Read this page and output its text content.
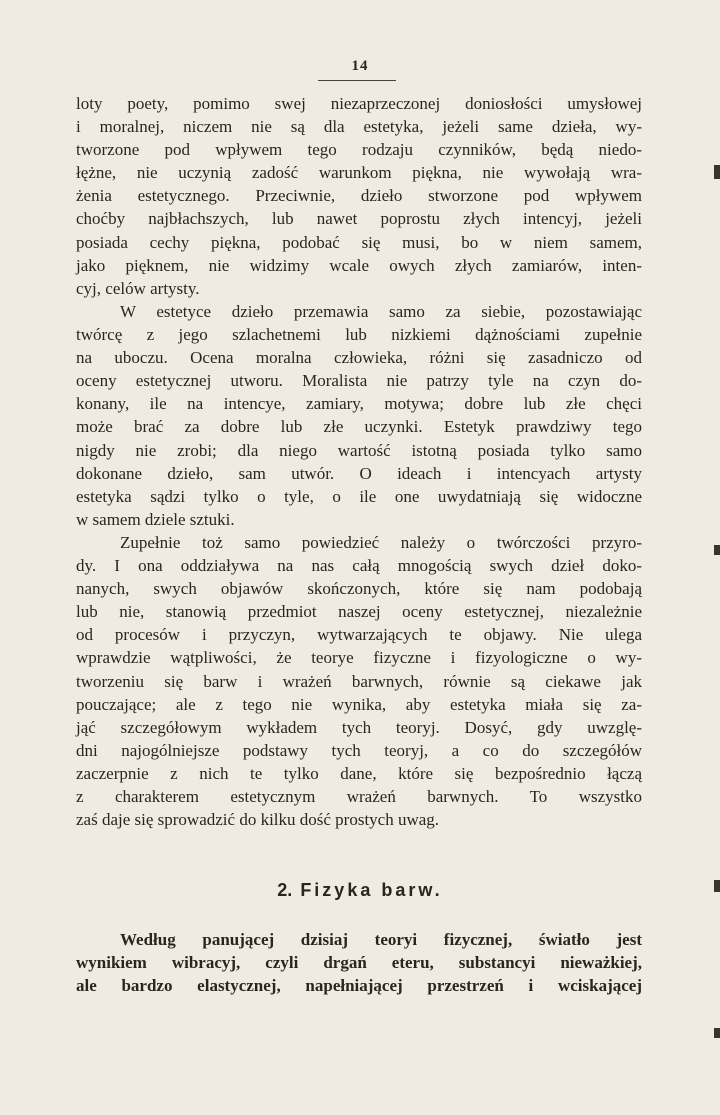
14
loty poety, pomimo swej niezaprzeczonej doniosłości umysłowej
i moralnej, niczem nie są dla estetyka, jeżeli same dzieła, wy-
tworzone pod wpływem tego rodzaju czynników, będą niedo-
łężne, nie uczynią zadość warunkom piękna, nie wywołają wra-
żenia estetycznego. Przeciwnie, dzieło stworzone pod wpływem
choćby najbłachszych, lub nawet poprostu złych intencyj, jeżeli
posiada cechy piękna, podobać się musi, bo w niem samem,
jako pięknem, nie widzimy wcale owych złych zamiarów, inten-
cyj, celów artysty.
W estetyce dzieło przemawia samo za siebie, pozostawiając
twórcę z jego szlachetnemi lub nizkiemi dążnościami zupełnie
na uboczu. Ocena moralna człowieka, różni się zasadniczo od
oceny estetycznej utworu. Moralista nie patrzy tyle na czyn do-
konany, ile na intencye, zamiary, motywa; dobre lub złe chęci
może brać za dobre lub złe uczynki. Estetyk prawdziwy tego
nigdy nie zrobi; dla niego wartość istotną posiada tylko samo
dokonane dzieło, sam utwór. O ideach i intencyach artysty
estetyka sądzi tylko o tyle, o ile one uwydatniają się widoczne
w samem dziele sztuki.
Zupełnie toż samo powiedzieć należy o twórczości przyro-
dy. I ona oddziaływa na nas całą mnogością swych dzieł doko-
nanych, swych objawów skończonych, które się nam podobają
lub nie, stanowią przedmiot naszej oceny estetycznej, niezależnie
od procesów i przyczyn, wytwarzających te objawy. Nie ulega
wprawdzie wątpliwości, że teorye fizyczne i fizyologiczne o wy-
tworzeniu się barw i wrażeń barwnych, równie są ciekawe jak
pouczające; ale z tego nie wynika, aby estetyka miała się za-
jąć szczegółowym wykładem tych teoryj. Dosyć, gdy uwzglę-
dni najogólniejsze podstawy tych teoryj, a co do szczegółów
zaczerpnie z nich te tylko dane, które się bezpośrednio łączą
z charakterem estetycznym wrażeń barwnych. To wszystko
zaś daje się sprowadzić do kilku dość prostych uwag.
2. Fizyka barw.
Według panującej dzisiaj teoryi fizycznej, światło jest
wynikiem wibracyj, czyli drgań eteru, substancyi nieważkiej,
ale bardzo elastycznej, napełniającej przestrzeń i wciskającej
